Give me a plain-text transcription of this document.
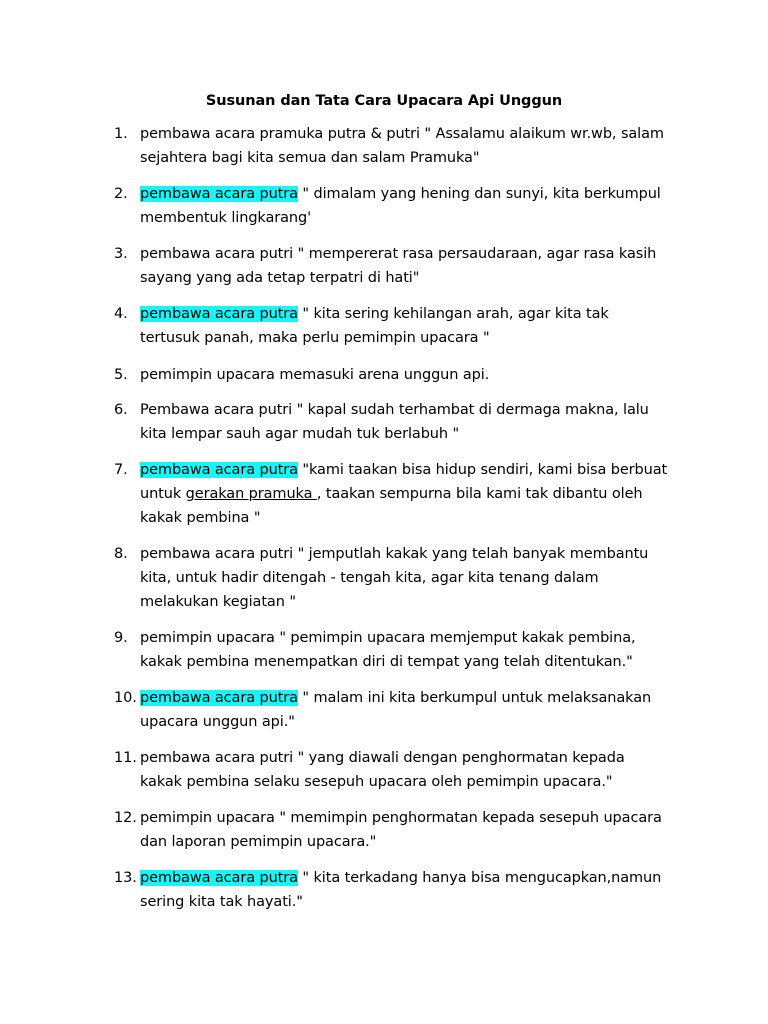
Susunan dan Tata Cara Upacara Api Unggun
1. pembawa acara pramuka putra & putri " Assalamu alaikum wr.wb, salam
sejahtera bagi kita semua dan salam Pramuka"
2. pembawa acara putra " dimalam yang hening dan sunyi, kita berkumpul
membentuk lingkarang'
3. pembawa acara putri " mempererat rasa persaudaraan, agar rasa kasih
sayang yang ada tetap terpatri di hati"
4. pembawa acara putra " kita sering kehilangan arah, agar kita tak
tertusuk panah, maka perlu pemimpin upacara "
5. pemimpin upacara memasuki arena unggun api.
6. Pembawa acara putri " kapal sudah terhambat di dermaga makna, lalu
kita lempar sauh agar mudah tuk berlabuh "
7. pembawa acara putra "kami taakan bisa hidup sendiri, kami bisa berbuat
untuk gerakan pramuka , taakan sempurna bila kami tak dibantu oleh
kakak pembina "
8. pembawa acara putri " jemputlah kakak yang telah banyak membantu
kita, untuk hadir ditengah - tengah kita, agar kita tenang dalam
melakukan kegiatan "
9. pemimpin upacara " pemimpin upacara memjemput kakak pembina,
kakak pembina menempatkan diri di tempat yang telah ditentukan."
10. pembawa acara putra " malam ini kita berkumpul untuk melaksanakan
upacara unggun api."
11. pembawa acara putri " yang diawali dengan penghormatan kepada
kakak pembina selaku sesepuh upacara oleh pemimpin upacara."
12. pemimpin upacara " memimpin penghormatan kepada sesepuh upacara
dan laporan pemimpin upacara."
13. pembawa acara putra " kita terkadang hanya bisa mengucapkan,namun
sering kita tak hayati."
